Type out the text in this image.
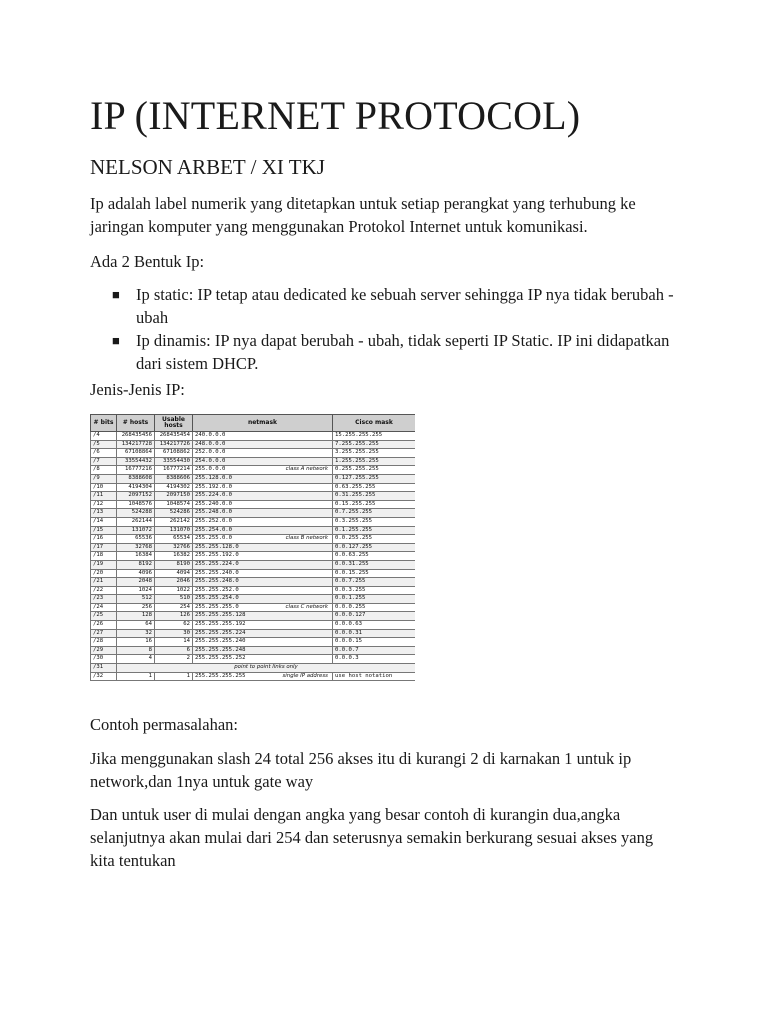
IP (INTERNET PROTOCOL)

NELSON ARBET / XI TKJ

Ip adalah label numerik yang ditetapkan untuk setiap perangkat yang terhubung ke jaringan komputer yang menggunakan Protokol Internet untuk komunikasi.

Ada 2 Bentuk Ip:

■ Ip static: IP tetap atau dedicated ke sebuah server sehingga IP nya tidak berubah - ubah
■ Ip dinamis: IP nya dapat berubah - ubah, tidak seperti IP Static. IP ini didapatkan dari sistem DHCP.

Jenis-Jenis IP:

# bits	# hosts	Usable hosts	netmask	Cisco mask
/4	268435456	268435454	240.0.0.0	15.255.255.255
/5	134217728	134217726	248.0.0.0	7.255.255.255
/6	67108864	67108862	252.0.0.0	3.255.255.255
/7	33554432	33554430	254.0.0.0	1.255.255.255
/8	16777216	16777214	255.0.0.0 class A network	0.255.255.255
/9	8388608	8388606	255.128.0.0	0.127.255.255
/10	4194304	4194302	255.192.0.0	0.63.255.255
/11	2097152	2097150	255.224.0.0	0.31.255.255
/12	1048576	1048574	255.240.0.0	0.15.255.255
/13	524288	524286	255.248.0.0	0.7.255.255
/14	262144	262142	255.252.0.0	0.3.255.255
/15	131072	131070	255.254.0.0	0.1.255.255
/16	65536	65534	255.255.0.0 class B network	0.0.255.255
/17	32768	32766	255.255.128.0	0.0.127.255
/18	16384	16382	255.255.192.0	0.0.63.255
/19	8192	8190	255.255.224.0	0.0.31.255
/20	4096	4094	255.255.240.0	0.0.15.255
/21	2048	2046	255.255.248.0	0.0.7.255
/22	1024	1022	255.255.252.0	0.0.3.255
/23	512	510	255.255.254.0	0.0.1.255
/24	256	254	255.255.255.0 class C network	0.0.0.255
/25	128	126	255.255.255.128	0.0.0.127
/26	64	62	255.255.255.192	0.0.0.63
/27	32	30	255.255.255.224	0.0.0.31
/28	16	14	255.255.255.240	0.0.0.15
/29	8	6	255.255.255.248	0.0.0.7
/30	4	2	255.255.255.252	0.0.0.3
/31	point to point links only			
/32	1	1	255.255.255.255 single IP address	use host notation

Contoh permasalahan:

Jika menggunakan slash 24 total 256 akses itu di kurangi 2 di karnakan 1 untuk ip network,dan 1nya untuk gate way

Dan untuk user di mulai dengan angka yang besar contoh di kurangin dua,angka selanjutnya akan mulai dari 254 dan seterusnya semakin berkurang sesuai akses yang kita tentukan
